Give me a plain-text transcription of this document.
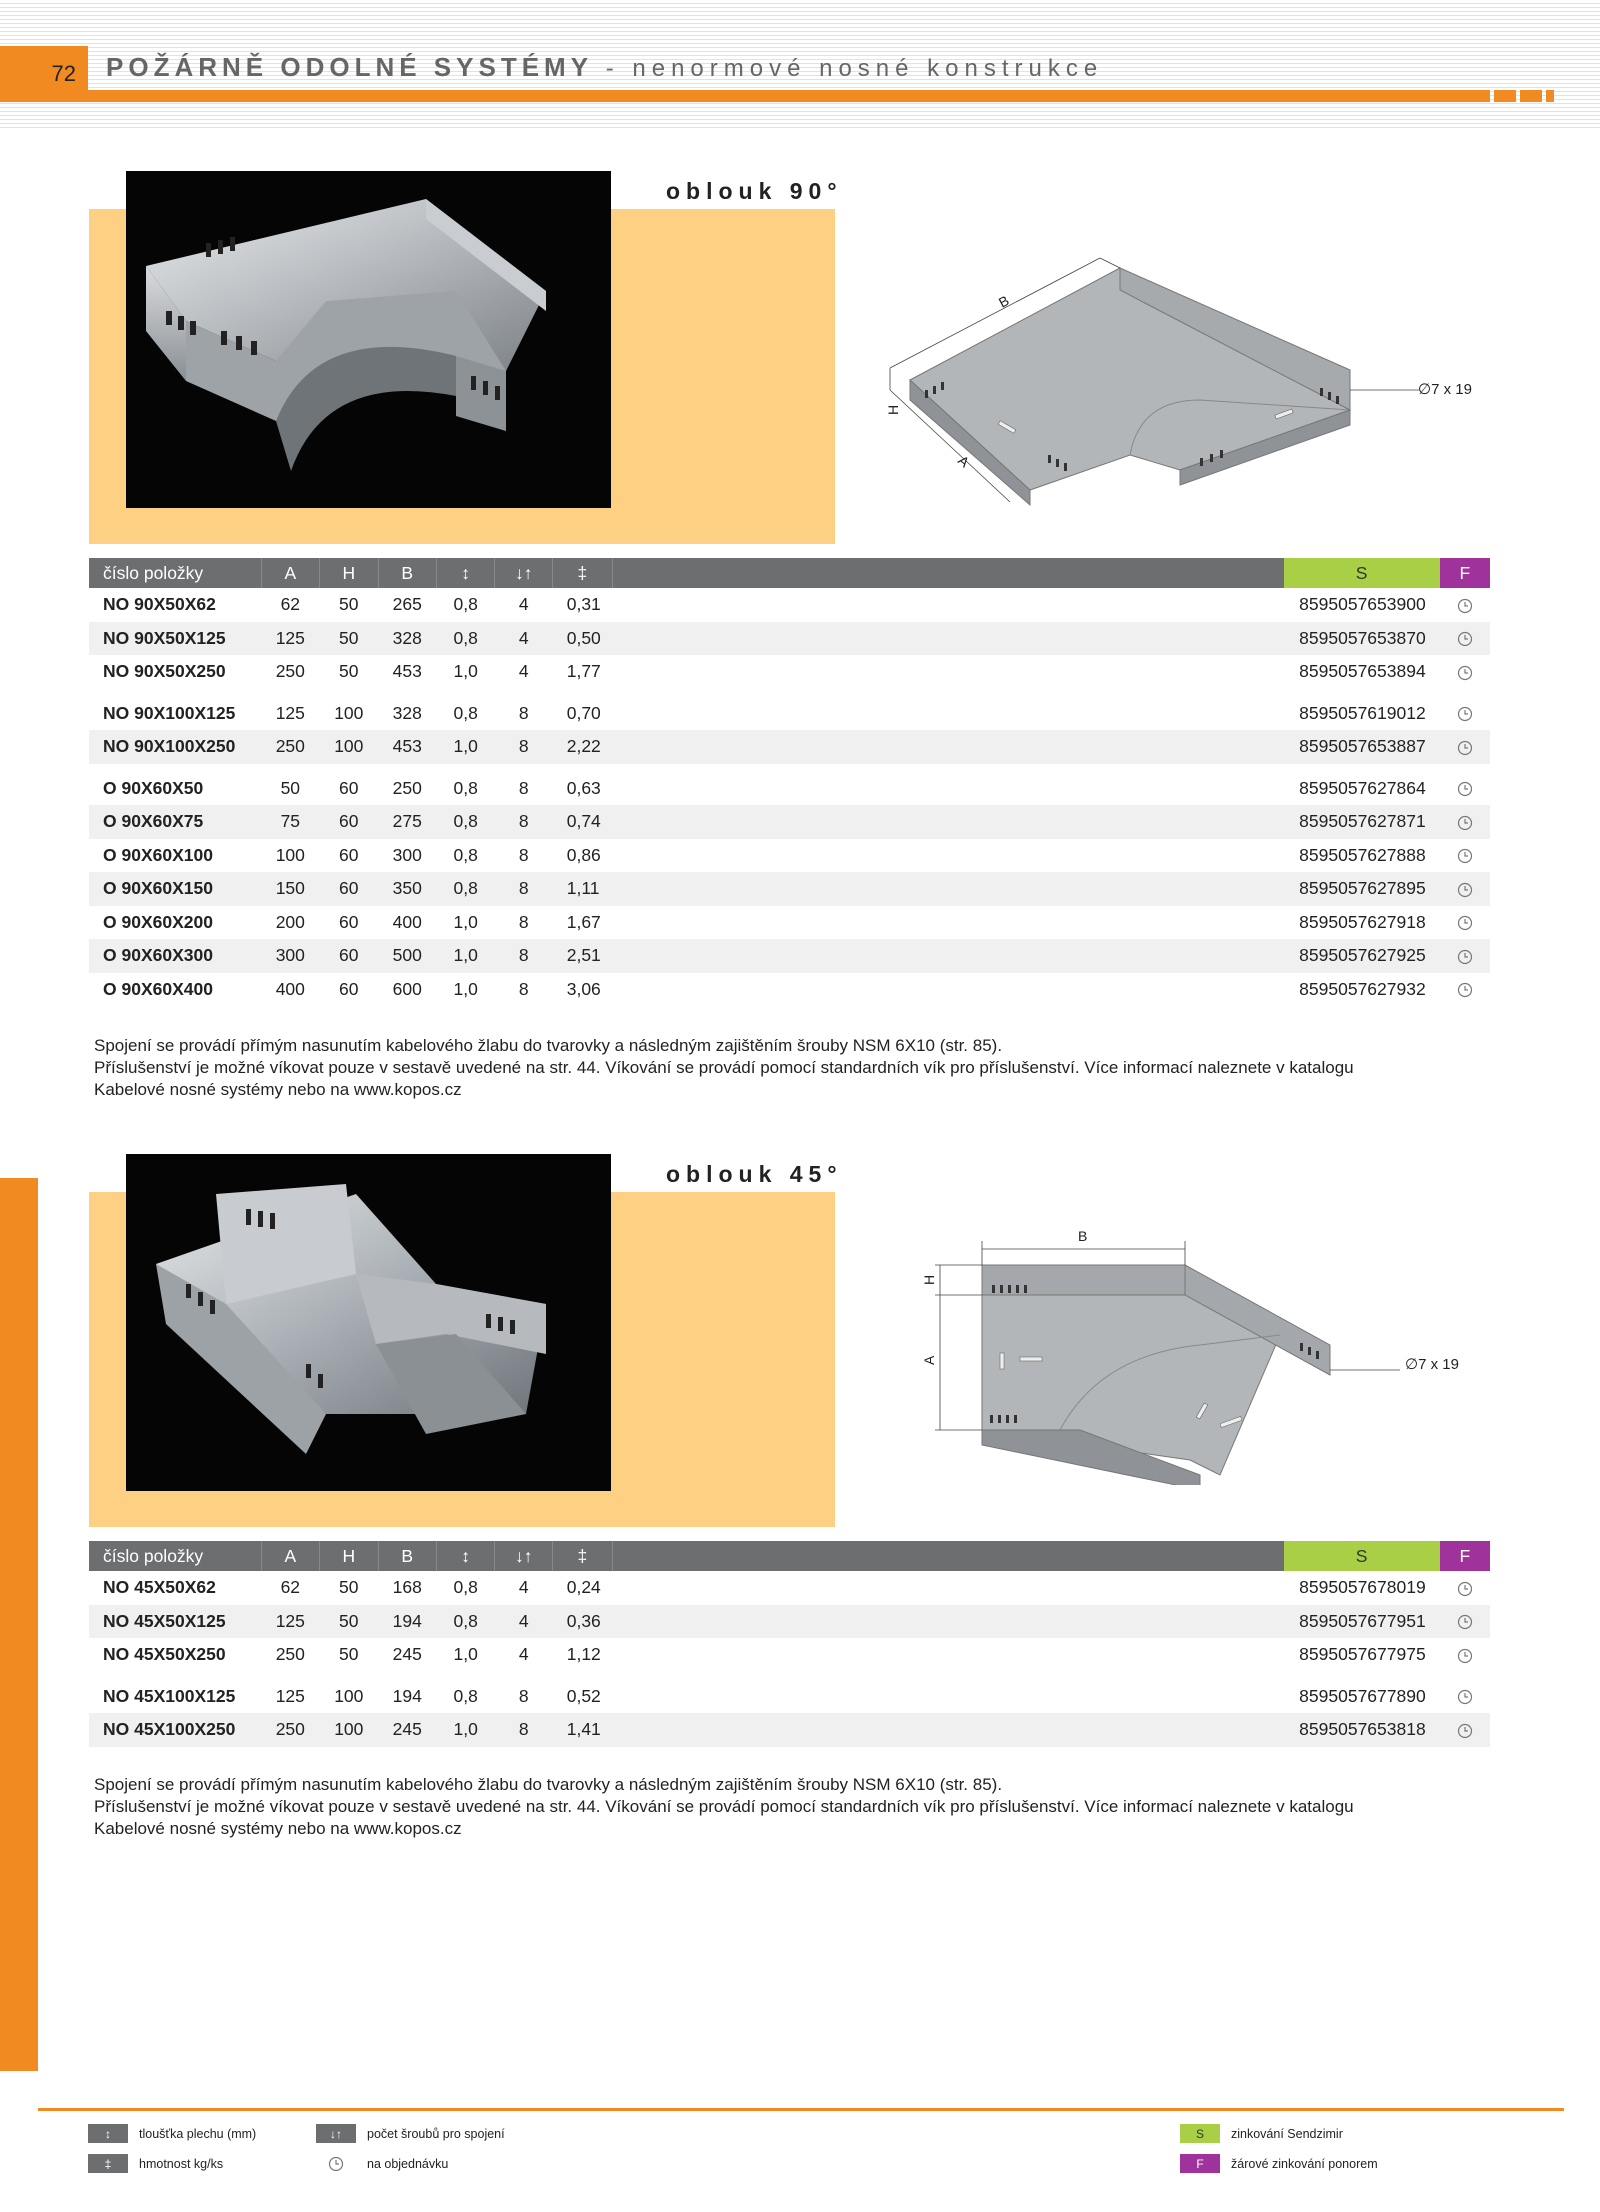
72 POŽÁRNĚ ODOLNÉ SYSTÉMY - nenormové nosné konstrukce
oblouk 90°
B
H
A
∅7 x 19
číslo položky	A	H	B	↕	↓↑	‡		S	F
NO 90X50X62	62	50	265	0,8	4	0,31		8595057653900	
NO 90X50X125	125	50	328	0,8	4	0,50		8595057653870	
NO 90X50X250	250	50	453	1,0	4	1,77		8595057653894	

NO 90X100X125	125	100	328	0,8	8	0,70		8595057619012	
NO 90X100X250	250	100	453	1,0	8	2,22		8595057653887	

O 90X60X50	50	60	250	0,8	8	0,63		8595057627864	
O 90X60X75	75	60	275	0,8	8	0,74		8595057627871	
O 90X60X100	100	60	300	0,8	8	0,86		8595057627888	
O 90X60X150	150	60	350	0,8	8	1,11		8595057627895	
O 90X60X200	200	60	400	1,0	8	1,67		8595057627918	
O 90X60X300	300	60	500	1,0	8	2,51		8595057627925	
O 90X60X400	400	60	600	1,0	8	3,06		8595057627932	
Spojení se provádí přímým nasunutím kabelového žlabu do tvarovky a následným zajištěním šrouby NSM 6X10 (str. 85).
Příslušenství je možné víkovat pouze v sestavě uvedené na str. 44. Víkování se provádí pomocí standardních vík pro příslušenství. Více informací naleznete v katalogu
Kabelové nosné systémy nebo na www.kopos.cz
oblouk 45°
B
H
A	∅7 x 19
číslo položky	A	H	B	↕	↓↑	‡		S	F
NO 45X50X62	62	50	168	0,8	4	0,24		8595057678019	
NO 45X50X125	125	50	194	0,8	4	0,36		8595057677951	
NO 45X50X250	250	50	245	1,0	4	1,12		8595057677975	

NO 45X100X125	125	100	194	0,8	8	0,52		8595057677890	
NO 45X100X250	250	100	245	1,0	8	1,41		8595057653818	
Spojení se provádí přímým nasunutím kabelového žlabu do tvarovky a následným zajištěním šrouby NSM 6X10 (str. 85).
Příslušenství je možné víkovat pouze v sestavě uvedené na str. 44. Víkování se provádí pomocí standardních vík pro příslušenství. Více informací naleznete v katalogu
Kabelové nosné systémy nebo na www.kopos.cz
↕	tloušťka plechu (mm)
‡	hmotnost kg/ks
↓↑	počet šroubů pro spojení
na objednávku
S	zinkování Sendzimir
F	žárové zinkování ponorem
